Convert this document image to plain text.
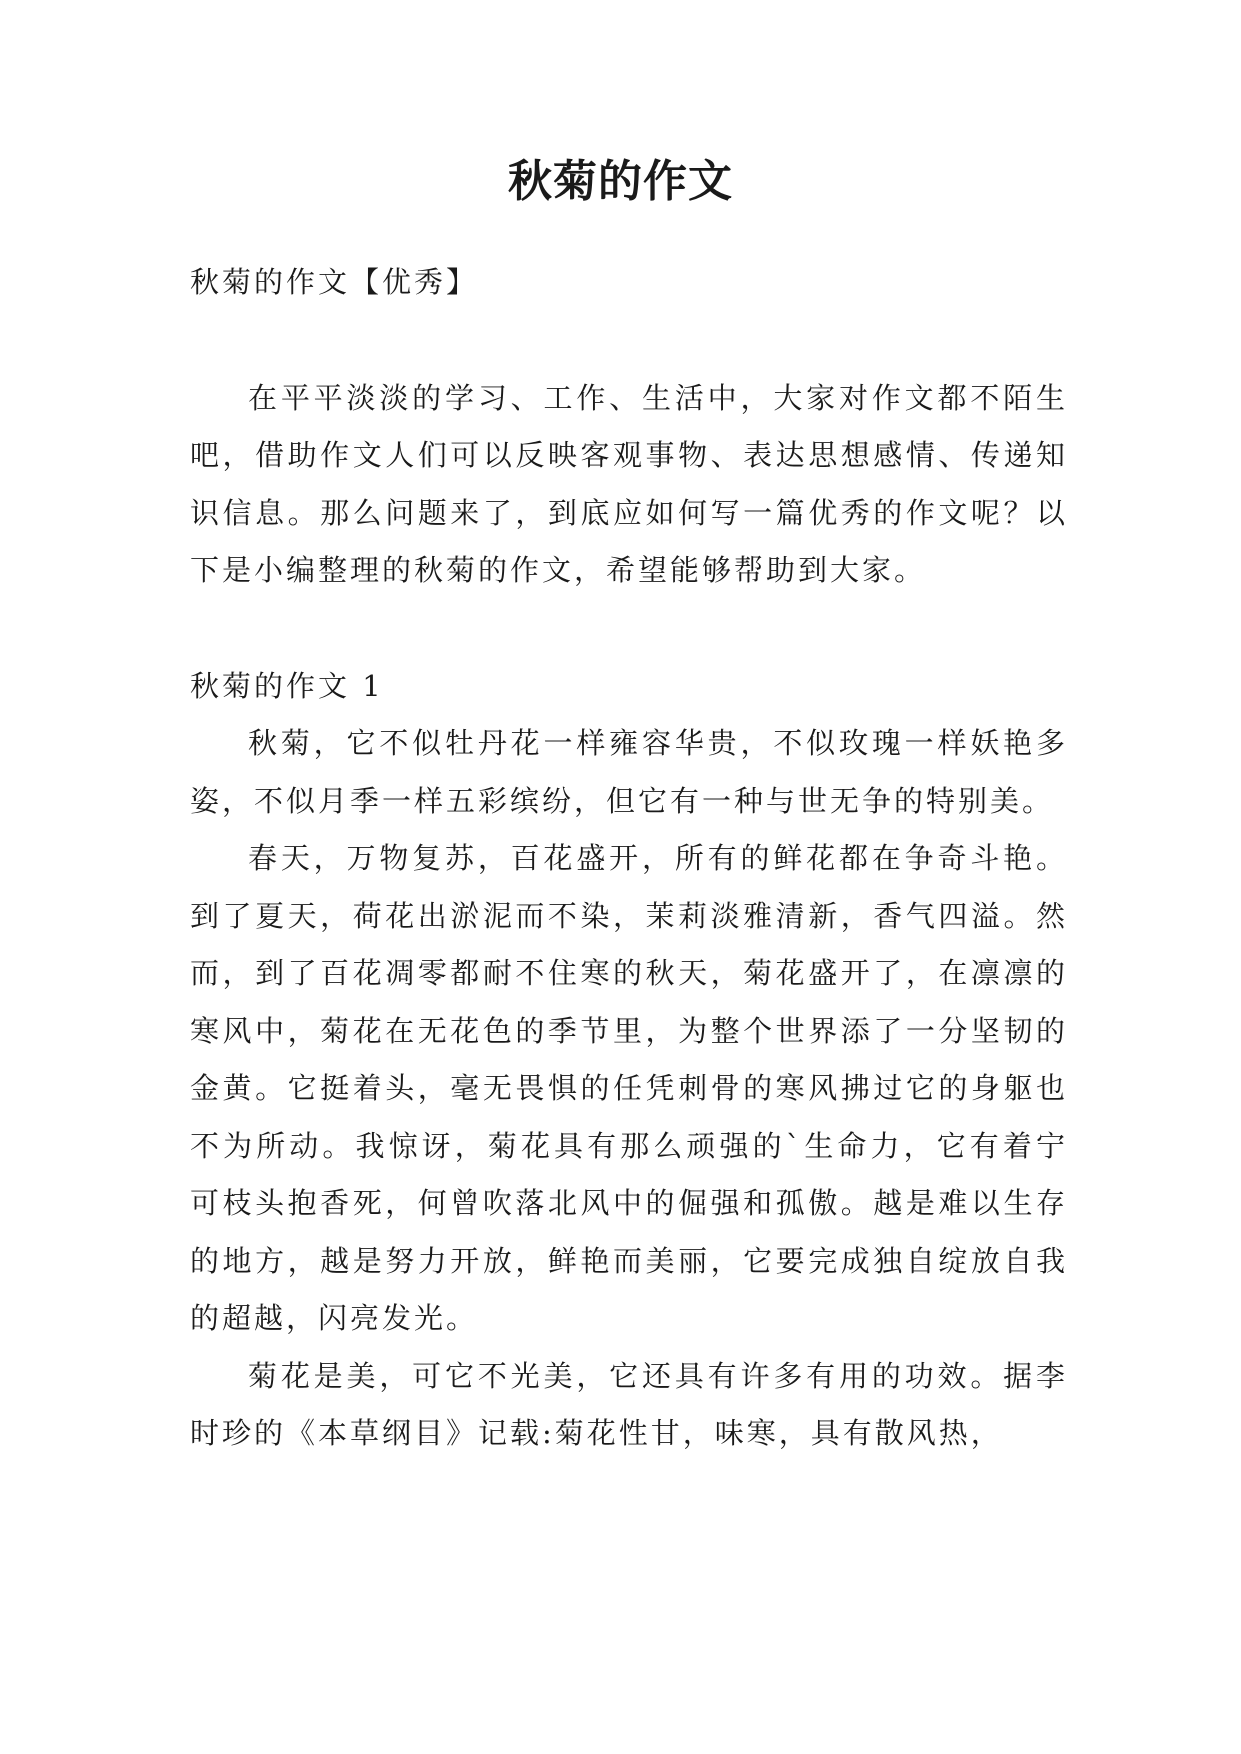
秋菊的作文

秋菊的作文【优秀】

在平平淡淡的学习、工作、生活中，大家对作文都不陌生吧，借助作文人们可以反映客观事物、表达思想感情、传递知识信息。那么问题来了，到底应如何写一篇优秀的作文呢？以下是小编整理的秋菊的作文，希望能够帮助到大家。

秋菊的作文 1

秋菊，它不似牡丹花一样雍容华贵，不似玫瑰一样妖艳多姿，不似月季一样五彩缤纷，但它有一种与世无争的特别美。

春天，万物复苏，百花盛开，所有的鲜花都在争奇斗艳。到了夏天，荷花出淤泥而不染，茉莉淡雅清新，香气四溢。然而，到了百花凋零都耐不住寒的秋天，菊花盛开了，在凛凛的寒风中，菊花在无花色的季节里，为整个世界添了一分坚韧的金黄。它挺着头，毫无畏惧的任凭刺骨的寒风拂过它的身躯也不为所动。我惊讶，菊花具有那么顽强的`生命力，它有着宁可枝头抱香死，何曾吹落北风中的倔强和孤傲。越是难以生存的地方，越是努力开放，鲜艳而美丽，它要完成独自绽放自我的超越，闪亮发光。

菊花是美，可它不光美，它还具有许多有用的功效。据李时珍的《本草纲目》记载:菊花性甘，味寒，具有散风热，
